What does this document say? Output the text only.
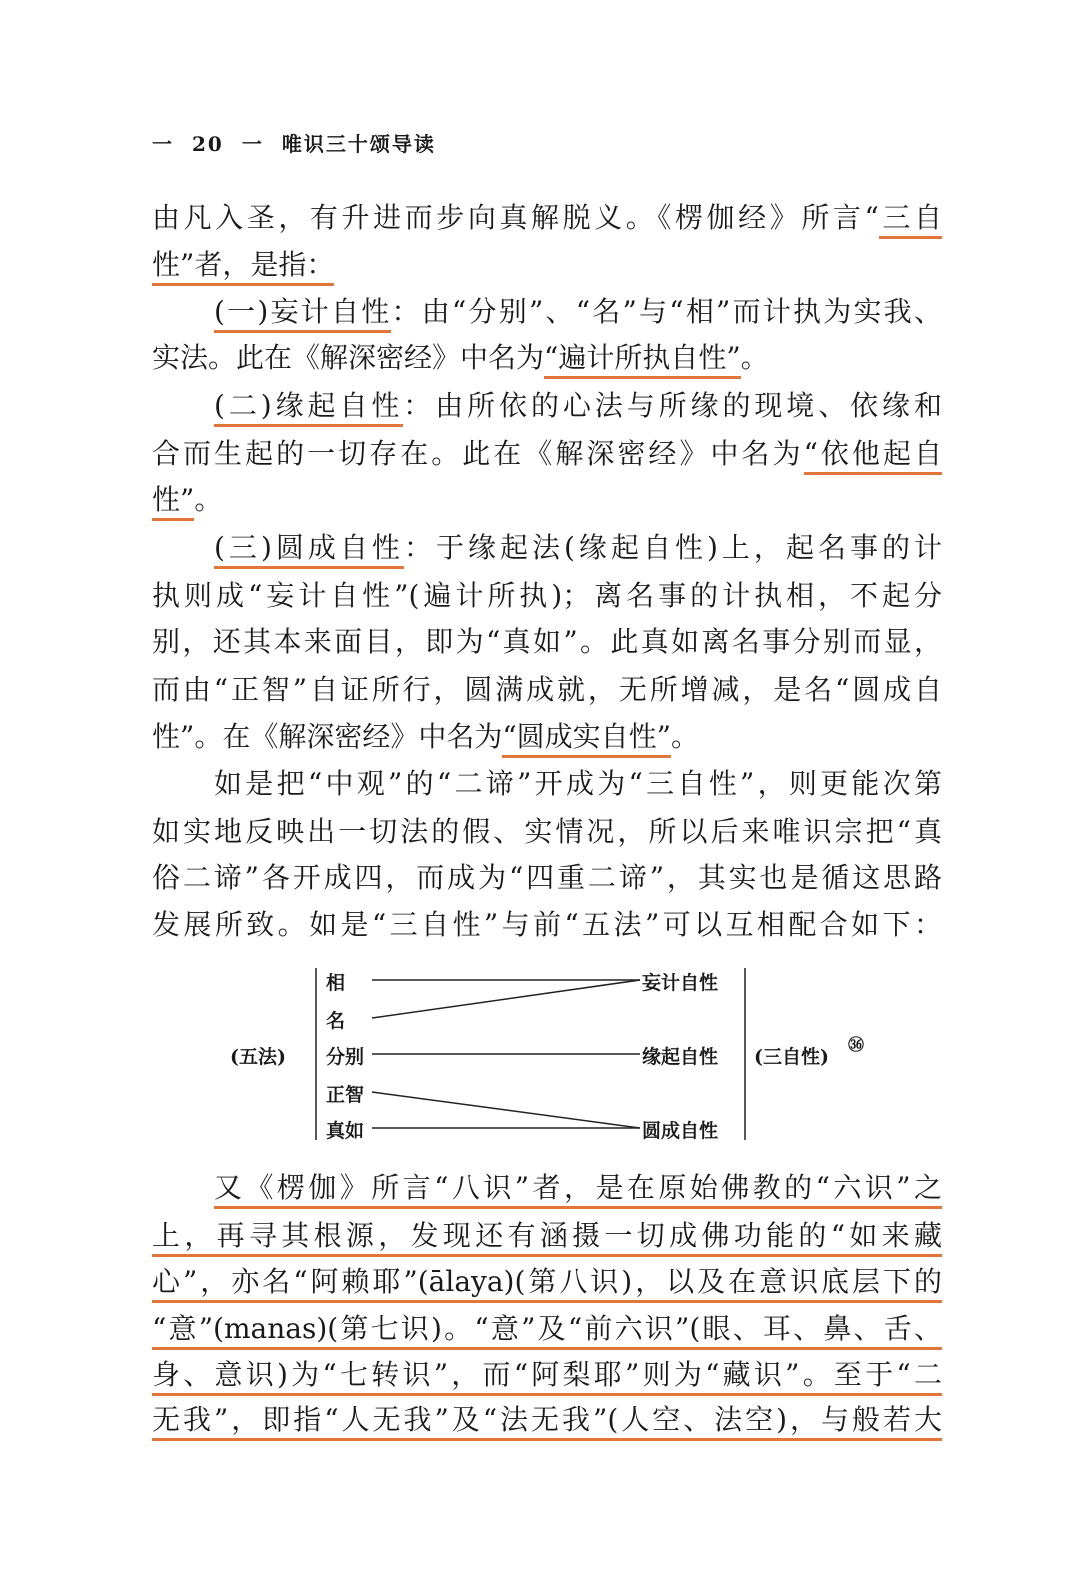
一 20 一 唯识三十颂导读
由凡入圣，有升进而步向真解脱义。《楞伽经》所言“三自
性”者，是指：
(一)妄计自性：由“分别”、“名”与“相”而计执为实我、
实法。此在《解深密经》中名为“遍计所执自性”。
(二)缘起自性：由所依的心法与所缘的现境、依缘和
合而生起的一切存在。此在《解深密经》中名为“依他起自
性”。
(三)圆成自性：于缘起法(缘起自性)上，起名事的计
执则成“妄计自性”(遍计所执)；离名事的计执相，不起分
别，还其本来面目，即为“真如”。此真如离名事分别而显，
而由“正智”自证所行，圆满成就，无所增减，是名“圆成自
性”。在《解深密经》中名为“圆成实自性”。
如是把“中观”的“二谛”开成为“三自性”，则更能次第
如实地反映出一切法的假、实情况，所以后来唯识宗把“真
俗二谛”各开成四，而成为“四重二谛”，其实也是循这思路
发展所致。如是“三自性”与前“五法”可以互相配合如下：
又《楞伽》所言“八识”者，是在原始佛教的“六识”之
上，再寻其根源，发现还有涵摄一切成佛功能的“如来藏
心”，亦名“阿赖耶”(ālaya)(第八识)，以及在意识底层下的
“意”(manas)(第七识)。“意”及“前六识”(眼、耳、鼻、舌、
身、意识)为“七转识”，而“阿梨耶”则为“藏识”。至于“二
无我”，即指“人无我”及“法无我”(人空、法空)，与般若大
(五法)
相
名
分别
正智
真如
妄计自性
缘起自性
圆成自性
(三自性)
㊱
